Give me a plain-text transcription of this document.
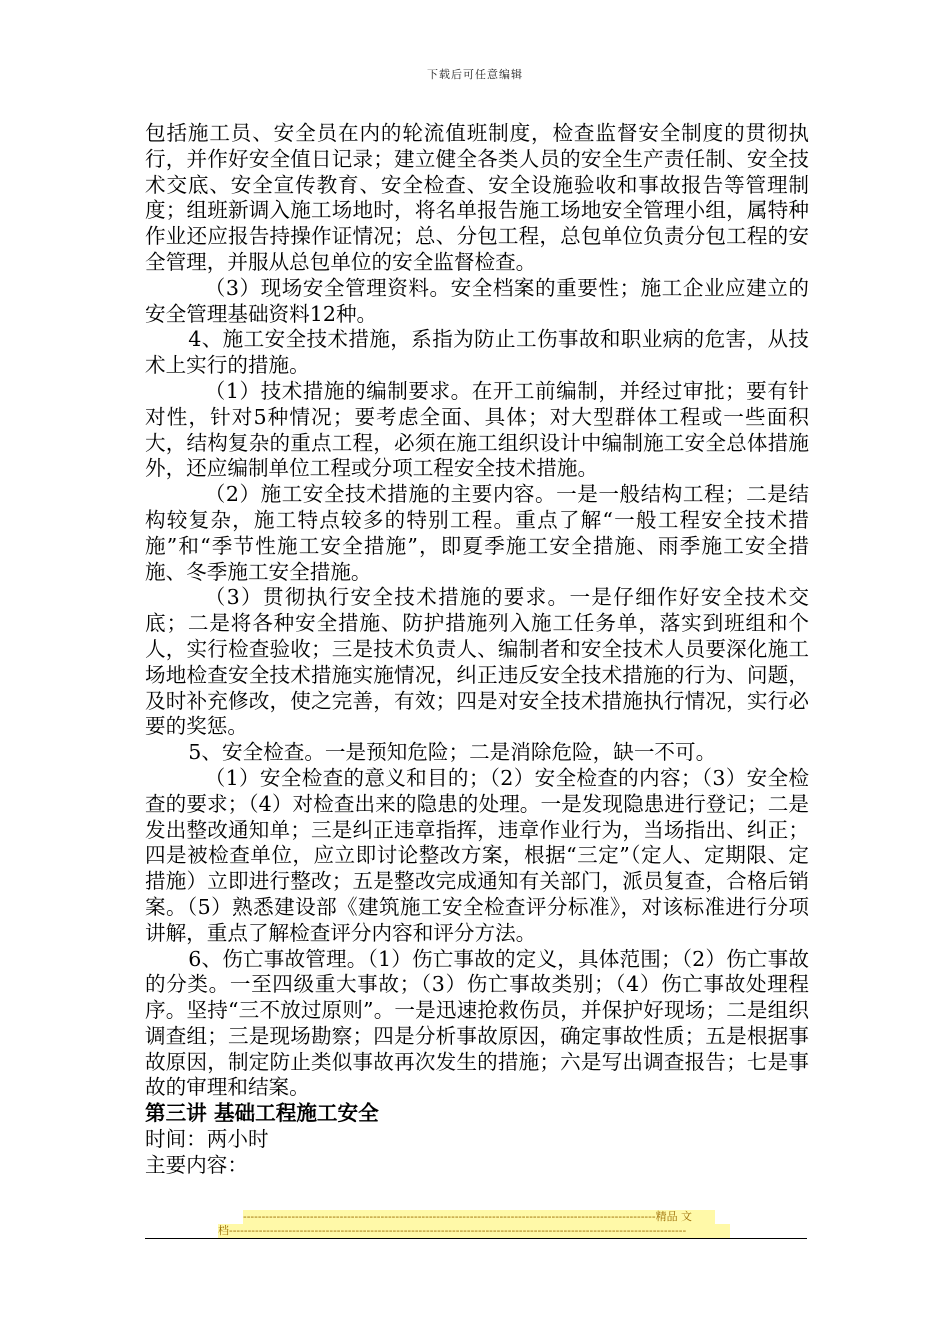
下载后可任意编辑

包括施工员、安全员在内的轮流值班制度，检查监督安全制度的贯彻执行，并作好安全值日记录；建立健全各类人员的安全生产责任制、安全技术交底、安全宣传教育、安全检查、安全设施验收和事故报告等管理制度；组班新调入施工场地时，将名单报告施工场地安全管理小组，属特种作业还应报告持操作证情况；总、分包工程，总包单位负责分包工程的安全管理，并服从总包单位的安全监督检查。

（3）现场安全管理资料。安全档案的重要性；施工企业应建立的安全管理基础资料12种。

4、施工安全技术措施，系指为防止工伤事故和职业病的危害，从技术上实行的措施。

（1）技术措施的编制要求。在开工前编制，并经过审批；要有针对性，针对5种情况；要考虑全面、具体；对大型群体工程或一些面积大，结构复杂的重点工程，必须在施工组织设计中编制施工安全总体措施外，还应编制单位工程或分项工程安全技术措施。

（2）施工安全技术措施的主要内容。一是一般结构工程；二是结构较复杂，施工特点较多的特别工程。重点了解“一般工程安全技术措施”和“季节性施工安全措施”，即夏季施工安全措施、雨季施工安全措施、冬季施工安全措施。

（3）贯彻执行安全技术措施的要求。一是仔细作好安全技术交底；二是将各种安全措施、防护措施列入施工任务单，落实到班组和个人，实行检查验收；三是技术负责人、编制者和安全技术人员要深化施工场地检查安全技术措施实施情况，纠正违反安全技术措施的行为、问题，及时补充修改，使之完善，有效；四是对安全技术措施执行情况，实行必要的奖惩。

5、安全检查。一是预知危险；二是消除危险，缺一不可。

（1）安全检查的意义和目的；（2）安全检查的内容；（3）安全检查的要求；（4）对检查出来的隐患的处理。一是发现隐患进行登记；二是发出整改通知单；三是纠正违章指挥，违章作业行为，当场指出、纠正；四是被检查单位，应立即讨论整改方案，根据“三定”（定人、定期限、定措施）立即进行整改；五是整改完成通知有关部门，派员复查，合格后销案。（5）熟悉建设部《建筑施工安全检查评分标准》，对该标准进行分项讲解，重点了解检查评分内容和评分方法。

6、伤亡事故管理。（1）伤亡事故的定义，具体范围；（2）伤亡事故的分类。一至四级重大事故；（3）伤亡事故类别；（4）伤亡事故处理程序。坚持“三不放过原则”。一是迅速抢救伤员，并保护好现场；二是组织调查组；三是现场勘察；四是分析事故原因，确定事故性质；五是根据事故原因，制定防止类似事故再次发生的措施；六是写出调查报告；七是事故的审理和结案。

第三讲 基础工程施工安全

时间：两小时

主要内容：

---------------------------------------------------------------------------------------------------------------精品 文
档---------------------------------------------------------------------------------------------------------------------------
